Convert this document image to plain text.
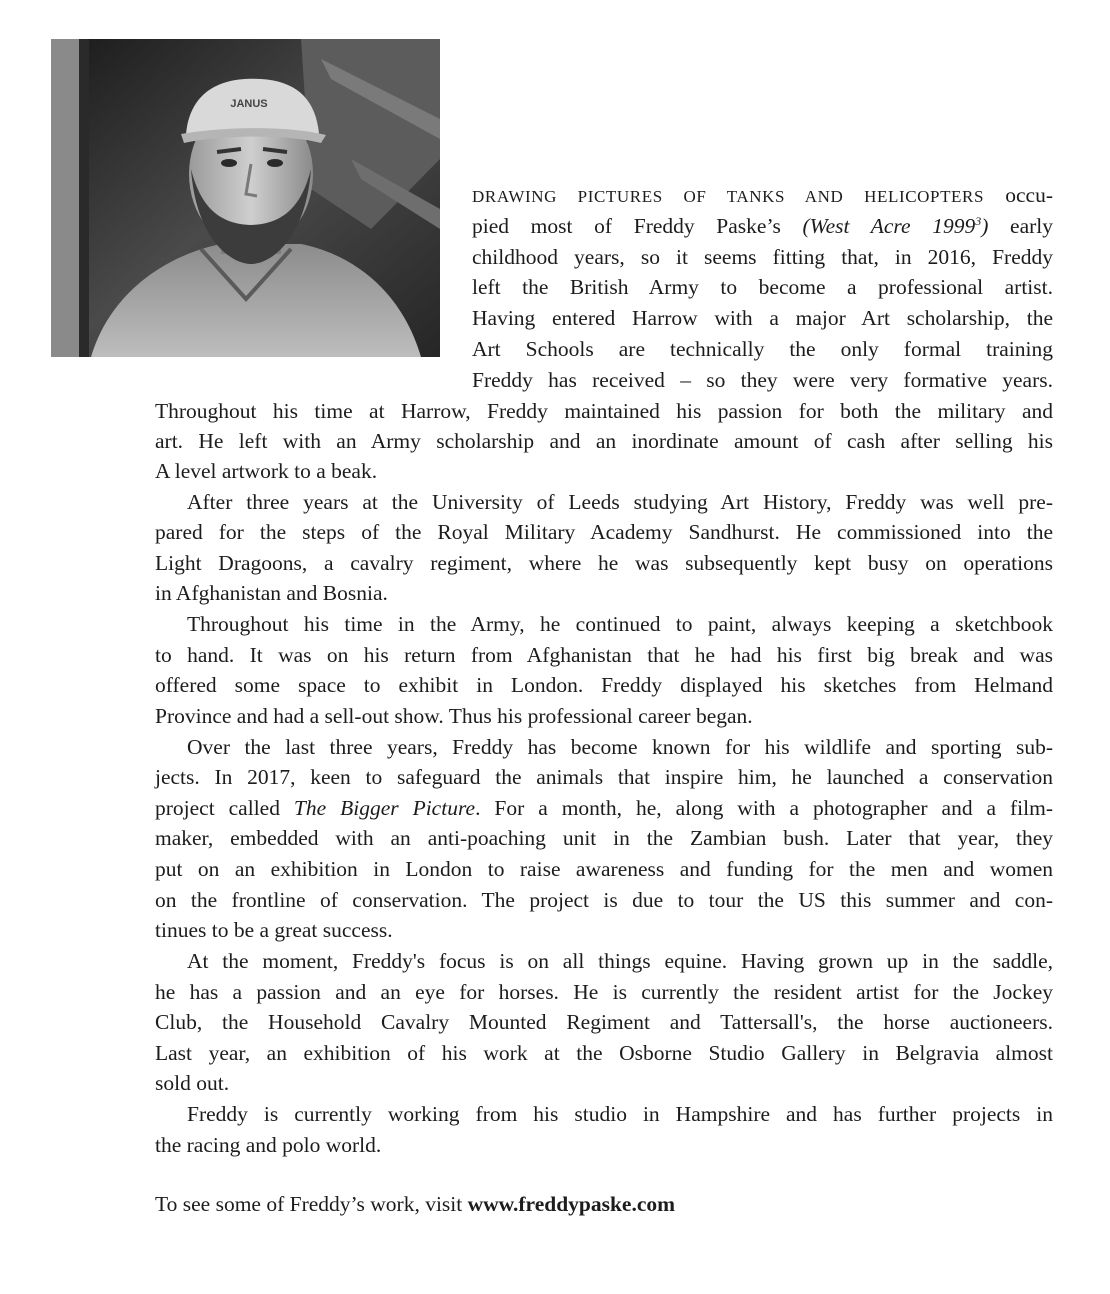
JANUS
DRAWING PICTURES OF TANKS AND HELICOPTERS occu-
pied most of Freddy Paske’s (West Acre 1999$^3$) early
childhood years, so it seems fitting that, in 2016, Freddy
left the British Army to become a professional artist.
Having entered Harrow with a major Art scholarship, the
Art Schools are technically the only formal training
Freddy has received – so they were very formative years.
Throughout his time at Harrow, Freddy maintained his passion for both the military and
art. He left with an Army scholarship and an inordinate amount of cash after selling his
A level artwork to a beak.
After three years at the University of Leeds studying Art History, Freddy was well pre-
pared for the steps of the Royal Military Academy Sandhurst. He commissioned into the
Light Dragoons, a cavalry regiment, where he was subsequently kept busy on operations
in Afghanistan and Bosnia.
Throughout his time in the Army, he continued to paint, always keeping a sketchbook
to hand. It was on his return from Afghanistan that he had his first big break and was
offered some space to exhibit in London. Freddy displayed his sketches from Helmand
Province and had a sell-out show. Thus his professional career began.
Over the last three years, Freddy has become known for his wildlife and sporting sub-
jects. In 2017, keen to safeguard the animals that inspire him, he launched a conservation
project called The Bigger Picture. For a month, he, along with a photographer and a film-
maker, embedded with an anti-poaching unit in the Zambian bush. Later that year, they
put on an exhibition in London to raise awareness and funding for the men and women
on the frontline of conservation. The project is due to tour the US this summer and con-
tinues to be a great success.
At the moment, Freddy's focus is on all things equine. Having grown up in the saddle,
he has a passion and an eye for horses. He is currently the resident artist for the Jockey
Club, the Household Cavalry Mounted Regiment and Tattersall's, the horse auctioneers.
Last year, an exhibition of his work at the Osborne Studio Gallery in Belgravia almost
sold out.
Freddy is currently working from his studio in Hampshire and has further projects in
the racing and polo world.
To see some of Freddy’s work, visit www.freddypaske.com
